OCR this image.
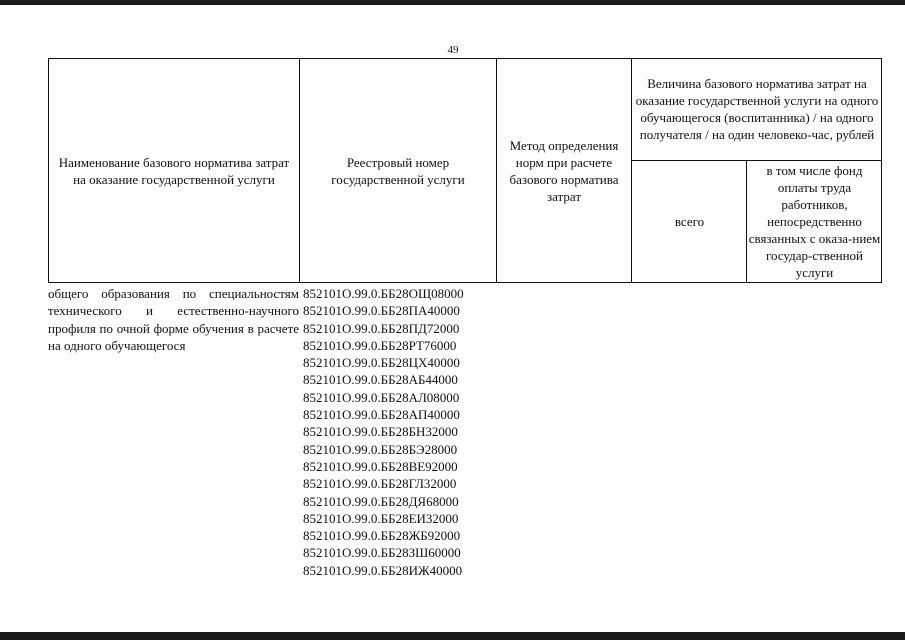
49
Наименование базового норматива затрат на оказание государственной услуги
Реестровый номер государственной услуги
Метод определения норм при расчете базового норматива затрат
Величина базового норматива затрат на оказание государственной услуги на одного обучающегося (воспитанника) / на одного получателя / на один человеко-час, рублей
всего
в том числе фонд оплаты труда работников, непосредственно связанных с оказа-нием государ-ственной услуги
общего образования по специальностям технического и естественно-научного профиля по очной форме обучения в расчете на одного обучающегося
852101О.99.0.ББ28ОЩ08000
852101О.99.0.ББ28ПА40000
852101О.99.0.ББ28ПД72000
852101О.99.0.ББ28РТ76000
852101О.99.0.ББ28ЦХ40000
852101О.99.0.ББ28АБ44000
852101О.99.0.ББ28АЛ08000
852101О.99.0.ББ28АП40000
852101О.99.0.ББ28БН32000
852101О.99.0.ББ28БЭ28000
852101О.99.0.ББ28ВЕ92000
852101О.99.0.ББ28ГЛ32000
852101О.99.0.ББ28ДЯ68000
852101О.99.0.ББ28ЕИ32000
852101О.99.0.ББ28ЖБ92000
852101О.99.0.ББ28ЗШ60000
852101О.99.0.ББ28ИЖ40000
